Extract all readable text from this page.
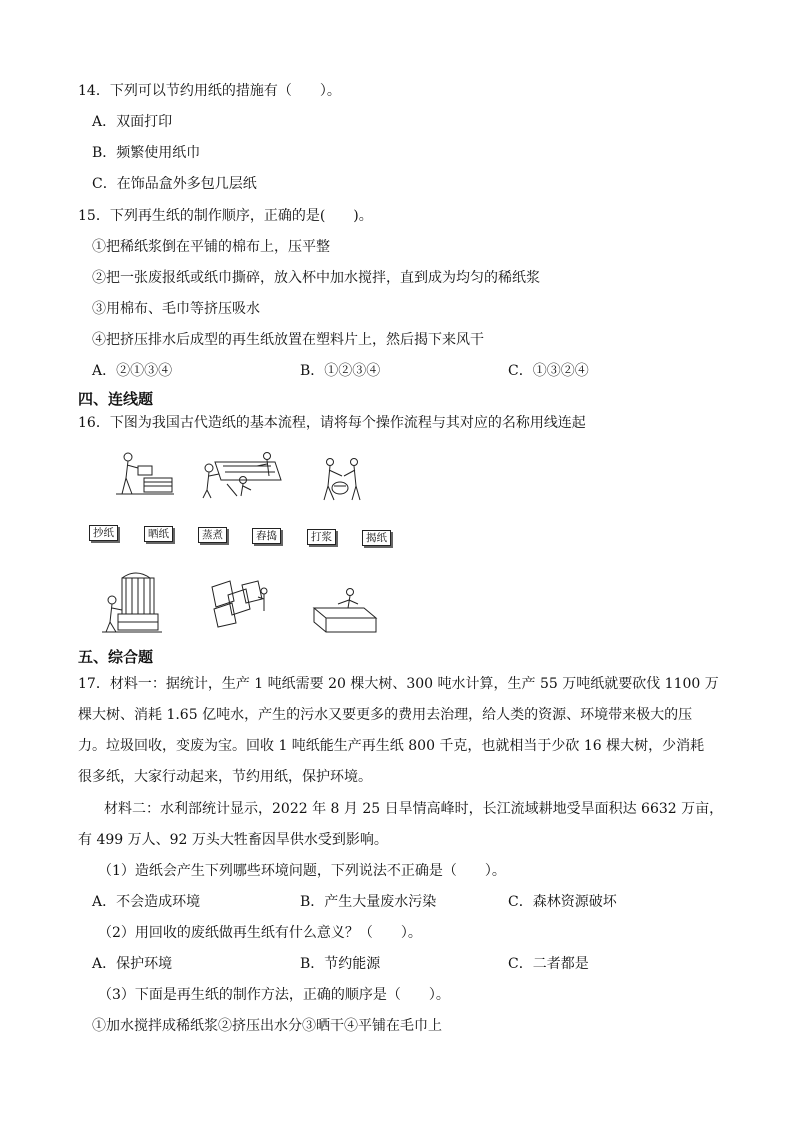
14．下列可以节约用纸的措施有（　　）。
A．双面打印
B．频繁使用纸巾
C．在饰品盒外多包几层纸
15．下列再生纸的制作顺序，正确的是(　　)。
①把稀纸浆倒在平铺的棉布上，压平整
②把一张废报纸或纸巾撕碎，放入杯中加水搅拌，直到成为均匀的稀纸浆
③用棉布、毛巾等挤压吸水
④把挤压排水后成型的再生纸放置在塑料片上，然后揭下来风干
A．②①③④	B．①②③④	C．①③②④
四、连线题
16．下图为我国古代造纸的基本流程，请将每个操作流程与其对应的名称用线连起
抄纸	晒纸	蒸煮	舂捣	打浆	揭纸
五、综合题
17．材料一：据统计，生产 1 吨纸需要 20 棵大树、300 吨水计算，生产 55 万吨纸就要砍伐 1100 万
棵大树、消耗 1.65 亿吨水，产生的污水又要更多的费用去治理，给人类的资源、环境带来极大的压
力。垃圾回收，变废为宝。回收 1 吨纸能生产再生纸 800 千克，也就相当于少砍 16 棵大树，少消耗
很多纸，大家行动起来，节约用纸，保护环境。
材料二：水利部统计显示，2022 年 8 月 25 日旱情高峰时，长江流域耕地受旱面积达 6632 万亩，
有 499 万人、92 万头大牲畜因旱供水受到影响。
（1）造纸会产生下列哪些环境问题，下列说法不正确是（　　）。
A．不会造成环境	B．产生大量废水污染	C．森林资源破坏
（2）用回收的废纸做再生纸有什么意义？（　　）。
A．保护环境	B．节约能源	C．二者都是
（3）下面是再生纸的制作方法，正确的顺序是（　　）。
①加水搅拌成稀纸浆②挤压出水分③晒干④平铺在毛巾上
